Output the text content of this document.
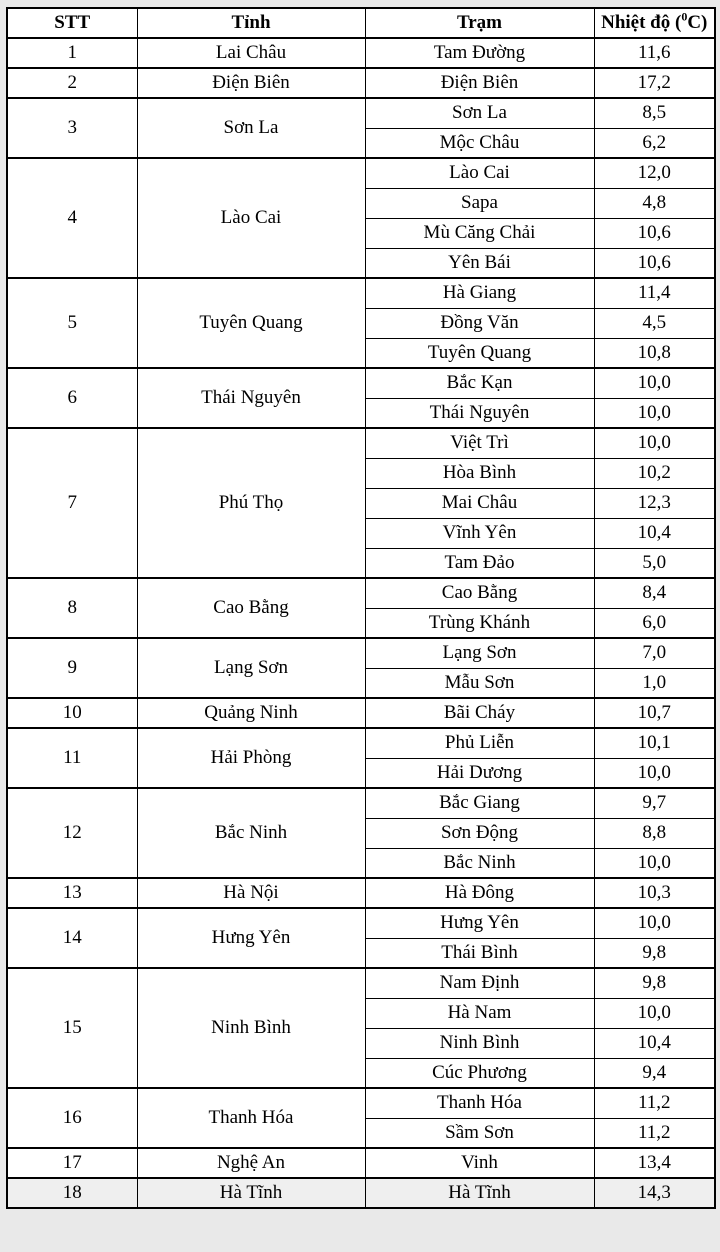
STT	Tỉnh	Trạm	Nhiệt độ ($^0$C)
1	Lai Châu	Tam Đường	11,6
2	Điện Biên	Điện Biên	17,2
3	Sơn La	Sơn La	8,5
		Mộc Châu	6,2
4	Lào Cai	Lào Cai	12,0
		Sapa	4,8
		Mù Căng Chải	10,6
		Yên Bái	10,6
5	Tuyên Quang	Hà Giang	11,4
		Đồng Văn	4,5
		Tuyên Quang	10,8
6	Thái Nguyên	Bắc Kạn	10,0
		Thái Nguyên	10,0
7	Phú Thọ	Việt Trì	10,0
		Hòa Bình	10,2
		Mai Châu	12,3
		Vĩnh Yên	10,4
		Tam Đảo	5,0
8	Cao Bằng	Cao Bằng	8,4
		Trùng Khánh	6,0
9	Lạng Sơn	Lạng Sơn	7,0
		Mẫu Sơn	1,0
10	Quảng Ninh	Bãi Cháy	10,7
11	Hải Phòng	Phủ Liễn	10,1
		Hải Dương	10,0
12	Bắc Ninh	Bắc Giang	9,7
		Sơn Động	8,8
		Bắc Ninh	10,0
13	Hà Nội	Hà Đông	10,3
14	Hưng Yên	Hưng Yên	10,0
		Thái Bình	9,8
15	Ninh Bình	Nam Định	9,8
		Hà Nam	10,0
		Ninh Bình	10,4
		Cúc Phương	9,4
16	Thanh Hóa	Thanh Hóa	11,2
		Sầm Sơn	11,2
17	Nghệ An	Vinh	13,4
18	Hà Tĩnh	Hà Tĩnh	14,3
